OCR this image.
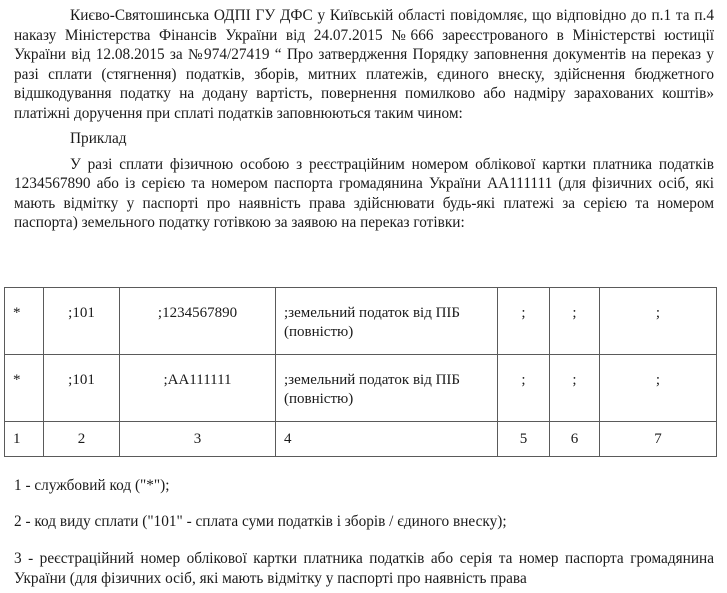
Києво-Святошинська ОДПІ ГУ ДФС у Київській області повідомляє, що відповідно до п.1 та п.4 наказу Міністерства Фінансів України від 24.07.2015 №666 зареєстрованого в Міністерстві юстиції України від 12.08.2015 за №974/27419 “ Про затвердження Порядку заповнення документів на переказ у разі сплати (стягнення) податків, зборів, митних платежів, єдиного внеску, здійснення бюджетного відшкодування податку на додану вартість, повернення помилково або надміру зарахованих коштів» платіжні доручення при сплаті податків заповнюються таким чином:

Приклад

У разі сплати фізичною особою з реєстраційним номером облікової картки платника податків 1234567890 або із серією та номером паспорта громадянина України АА111111 (для фізичних осіб, які мають відмітку у паспорті про наявність права здійснювати будь-які платежі за серією та номером паспорта) земельного податку готівкою за заявою на переказ готівки:

*	;101	;1234567890	;земельний податок від ПІБ (повністю)	;	;	;

*	;101	;АА111111	;земельний податок від ПІБ (повністю)	;	;	;

1	2	3	4	5	6	7

1 - службовий код ("*");

2 - код виду сплати ("101" - сплата суми податків і зборів / єдиного внеску);

3 - реєстраційний номер облікової картки платника податків або серія та номер паспорта громадянина України (для фізичних осіб, які мають відмітку у паспорті про наявність права
